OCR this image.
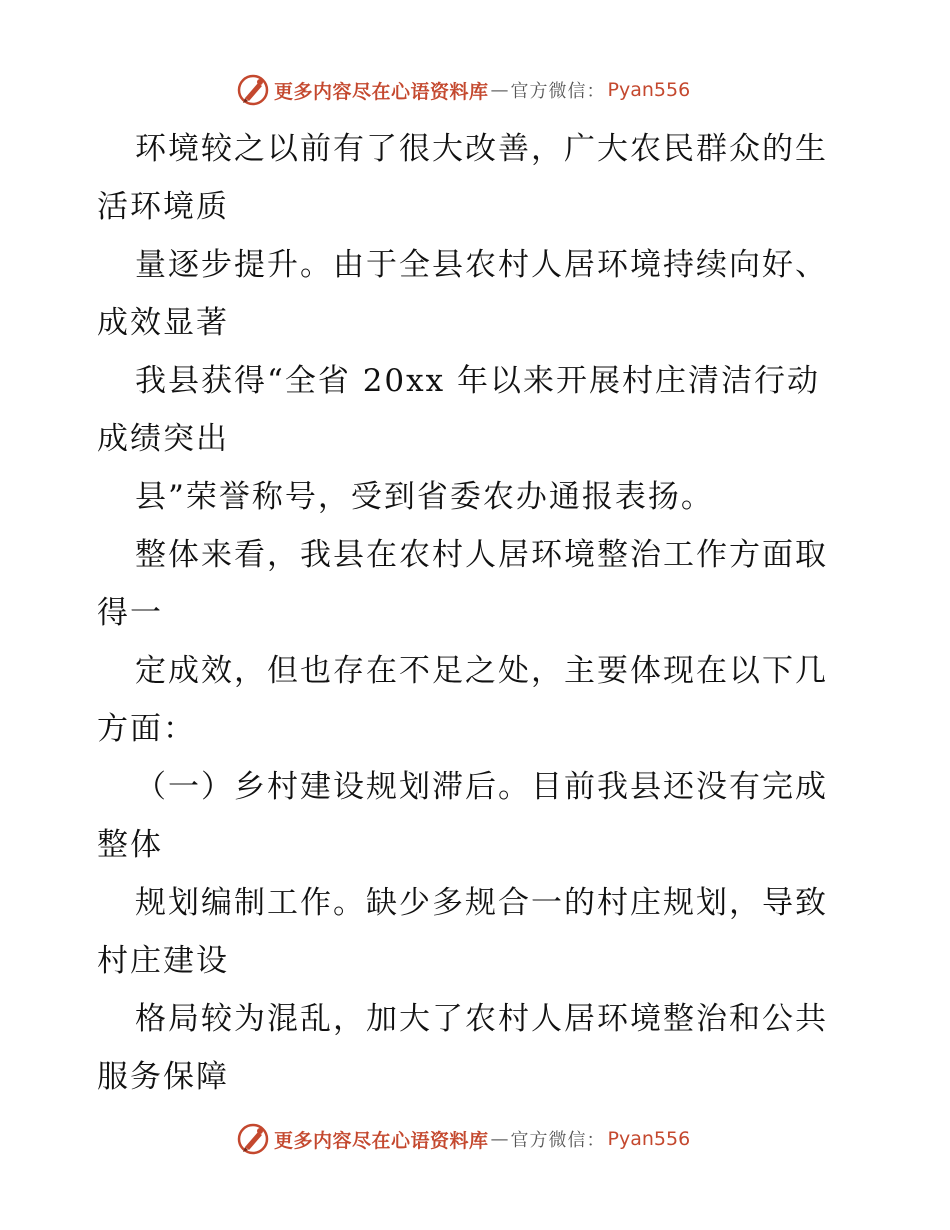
更多内容尽在心语资料库 — 官方微信： Pyan556
环境较之以前有了很大改善，广大农民群众的生
活环境质
量逐步提升。由于全县农村人居环境持续向好、
成效显著
我县获得“全省 20xx 年以来开展村庄清洁行动
成绩突出
县”荣誉称号，受到省委农办通报表扬。
整体来看，我县在农村人居环境整治工作方面取
得一
定成效，但也存在不足之处，主要体现在以下几
方面：
（一）乡村建设规划滞后。目前我县还没有完成
整体
规划编制工作。缺少多规合一的村庄规划，导致
村庄建设
格局较为混乱，加大了农村人居环境整治和公共
服务保障
更多内容尽在心语资料库 — 官方微信： Pyan556
